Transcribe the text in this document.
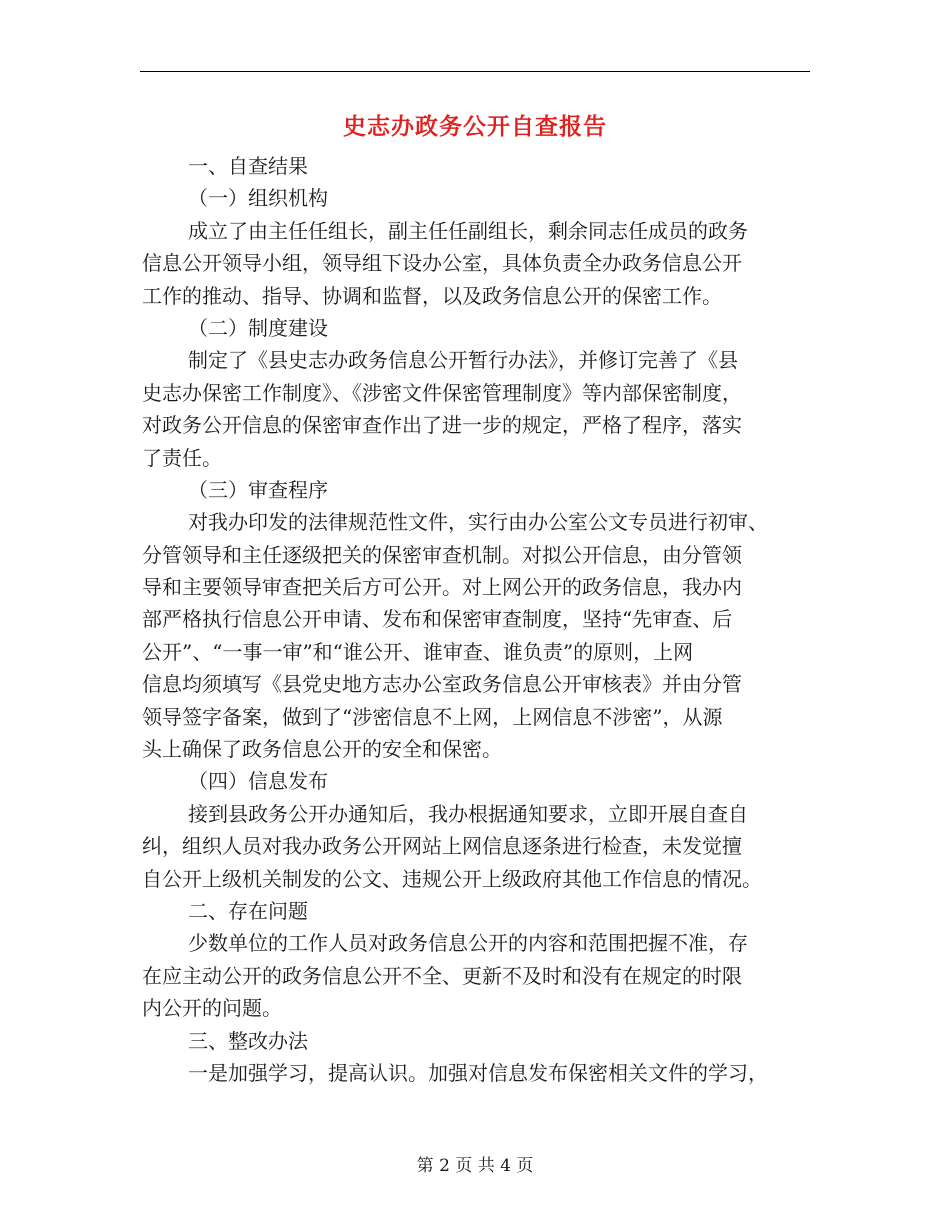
史志办政务公开自查报告
一、自查结果
（一）组织机构
成立了由主任任组长，副主任任副组长，剩余同志任成员的政务
信息公开领导小组，领导组下设办公室，具体负责全办政务信息公开
工作的推动、指导、协调和监督，以及政务信息公开的保密工作。
（二）制度建设
制定了《县史志办政务信息公开暂行办法》，并修订完善了《县
史志办保密工作制度》、《涉密文件保密管理制度》等内部保密制度，
对政务公开信息的保密审查作出了进一步的规定，严格了程序，落实
了责任。
（三）审查程序
对我办印发的法律规范性文件，实行由办公室公文专员进行初审、
分管领导和主任逐级把关的保密审查机制。对拟公开信息，由分管领
导和主要领导审查把关后方可公开。对上网公开的政务信息，我办内
部严格执行信息公开申请、发布和保密审查制度，坚持“先审查、后
公开”、“一事一审”和“谁公开、谁审查、谁负责”的原则，上网
信息均须填写《县党史地方志办公室政务信息公开审核表》并由分管
领导签字备案，做到了“涉密信息不上网，上网信息不涉密”，从源
头上确保了政务信息公开的安全和保密。
（四）信息发布
接到县政务公开办通知后，我办根据通知要求，立即开展自查自
纠，组织人员对我办政务公开网站上网信息逐条进行检查，未发觉擅
自公开上级机关制发的公文、违规公开上级政府其他工作信息的情况。
二、存在问题
少数单位的工作人员对政务信息公开的内容和范围把握不准，存
在应主动公开的政务信息公开不全、更新不及时和没有在规定的时限
内公开的问题。
三、整改办法
一是加强学习，提高认识。加强对信息发布保密相关文件的学习，
第 2 页 共 4 页
